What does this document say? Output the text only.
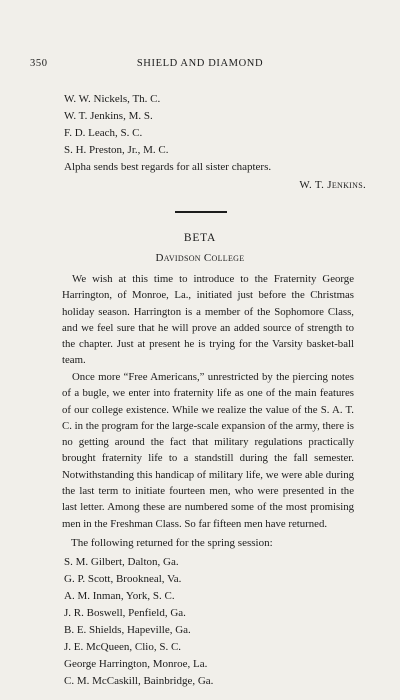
350	SHIELD AND DIAMOND
W. W. Nickels, Th. C.
W. T. Jenkins, M. S.
F. D. Leach, S. C.
S. H. Preston, Jr., M. C.
Alpha sends best regards for all sister chapters.
W. T. Jenkins.
BETA
Davidson College
We wish at this time to introduce to the Fraternity George Harrington, of Monroe, La., initiated just before the Christmas holiday season. Harrington is a member of the Sophomore Class, and we feel sure that he will prove an added source of strength to the chapter. Just at present he is trying for the Varsity basket-ball team.
Once more “Free Americans,” unrestricted by the piercing notes of a bugle, we enter into fraternity life as one of the main features of our college existence. While we realize the value of the S. A. T. C. in the program for the large-scale expansion of the army, there is no getting around the fact that military regulations practically brought fraternity life to a standstill during the fall semester. Notwithstanding this handicap of military life, we were able during the last term to initiate fourteen men, who were presented in the last letter. Among these are numbered some of the most promising men in the Freshman Class. So far fifteen men have returned.
The following returned for the spring session:
S. M. Gilbert, Dalton, Ga.
G. P. Scott, Brookneal, Va.
A. M. Inman, York, S. C.
J. R. Boswell, Penfield, Ga.
B. E. Shields, Hapeville, Ga.
J. E. McQueen, Clio, S. C.
George Harrington, Monroe, La.
C. M. McCaskill, Bainbridge, Ga.
